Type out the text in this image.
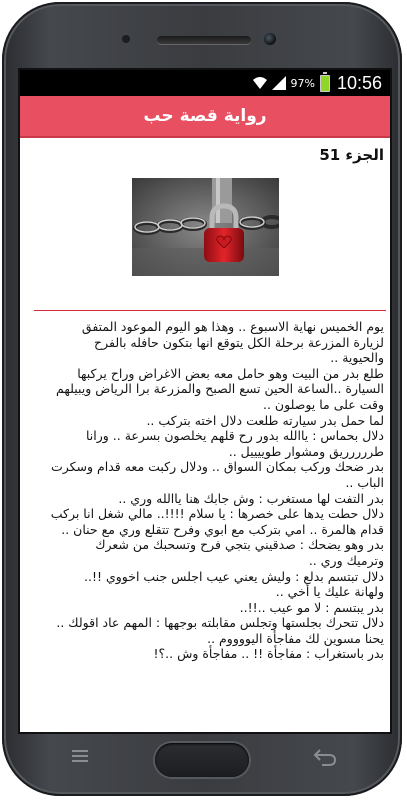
97% 10:56
رواية قصة حب
الجزء 51

يوم الخميس نهاية الاسبوع .. وهذا هو اليوم الموعود المتفق

لزيارة المزرعة برحلة الكل يتوقع انها بتكون حافله بالفرح

والحيوية ..

طلع بدر من البيت وهو حامل معه بعض الاغراض وراح يركبها

السيارة ..الساعة الحين تسع الصبح والمزرعة برا الرياض ويبيلهم

وقت على ما يوصلون ..

لما حمل بدر سيارته طلعت دلال اخته بتركب ..

دلال بحماس : ياالله بدور رح قلهم يخلصون بسرعة .. ورانا

طررررريق ومشوار طوييييل ..

بدر ضحك وركب بمكان السواق .. ودلال ركبت معه قدام وسكرت

الباب ..

بدر التفت لها مستغرب : وش جابك هنا ياالله وري ..

دلال حطت يدها على خصرها : يا سلام !!!!.. مالي شغل انا بركب

قدام هالمرة .. امي بتركب مع ابوي وفرح تتقلع وري مع حنان ..

بدر وهو يضحك : صدقيني بتجي فرح وتسحبك من شعرك

وترميك وري ..

دلال تبتسم بدلع : وليش يعني عيب اجلس جنب اخووي !!..

ولهانة عليك يا أخي ..

بدر يبتسم : لا مو عيب ..!!..

دلال تتحرك بجلستها وتجلس مقابلته بوجهها : المهم عاد اقولك ..

يحنا مسوين لك مفاجأة اليووووم ..

بدر باستغراب : مفاجأة !! .. مفاجأة وش ..؟!
